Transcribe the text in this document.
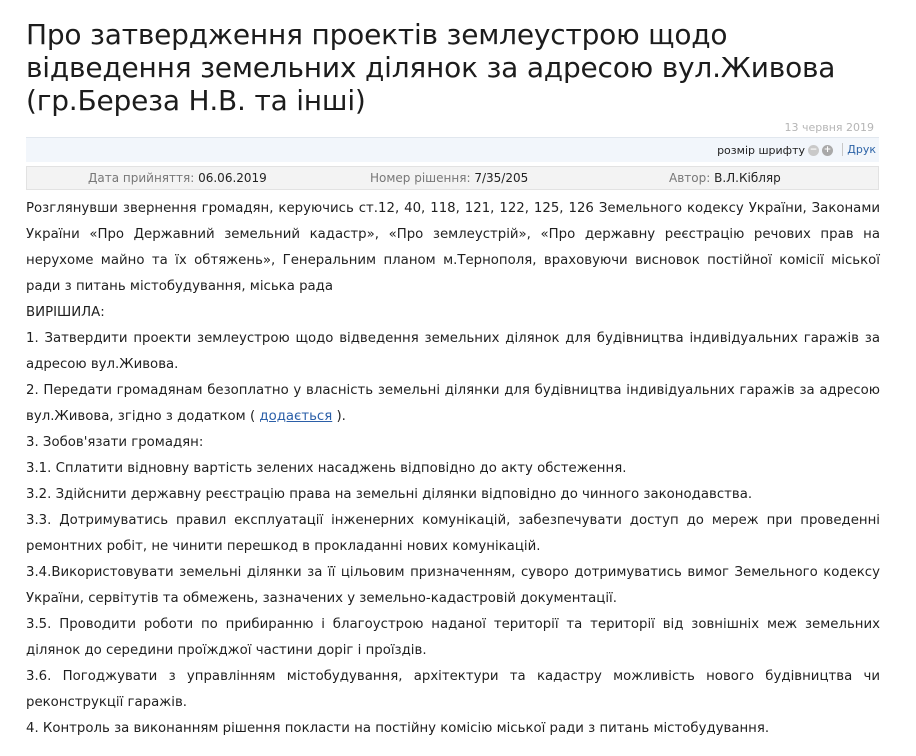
Про затвердження проектів землеустрою щодо відведення земельних ділянок за адресою вул.Живова (гр.Береза Н.В. та інші)
13 червня 2019
розмір шрифту − + Друк
Дата прийняття: 06.06.2019	Номер рішення: 7/35/205	Автор: В.Л.Кібляр

Розглянувши звернення громадян, керуючись ст.12, 40, 118, 121, 122, 125, 126 Земельного кодексу України, Законами України «Про Державний земельний кадастр», «Про землеустрій», «Про державну реєстрацію речових прав на нерухоме майно та їх обтяжень», Генеральним планом м.Тернополя, враховуючи висновок постійної комісії міської ради з питань містобудування, міська рада

ВИРІШИЛА:

1. Затвердити проекти землеустрою щодо відведення земельних ділянок для будівництва індивідуальних гаражів за адресою вул.Живова.

2. Передати громадянам безоплатно у власність земельні ділянки для будівництва індивідуальних гаражів за адресою вул.Живова, згідно з додатком ( додається ).

3. Зобов'язати громадян:

3.1. Сплатити відновну вартість зелених насаджень відповідно до акту обстеження.

3.2. Здійснити державну реєстрацію права на земельні ділянки відповідно до чинного законодавства.

3.3. Дотримуватись правил експлуатації інженерних комунікацій, забезпечувати доступ до мереж при проведенні ремонтних робіт, не чинити перешкод в прокладанні нових комунікацій.

3.4.Використовувати земельні ділянки за її цільовим призначенням, суворо дотримуватись вимог Земельного кодексу України, сервітутів та обмежень, зазначених у земельно-кадастровій документації.

3.5. Проводити роботи по прибиранню і благоустрою наданої території та території від зовнішніх меж земельних ділянок до середини проїжджої частини доріг і проїздів.

3.6. Погоджувати з управлінням містобудування, архітектури та кадастру можливість нового будівництва чи реконструкції гаражів.

4. Контроль за виконанням рішення покласти на постійну комісію міської ради з питань містобудування.
